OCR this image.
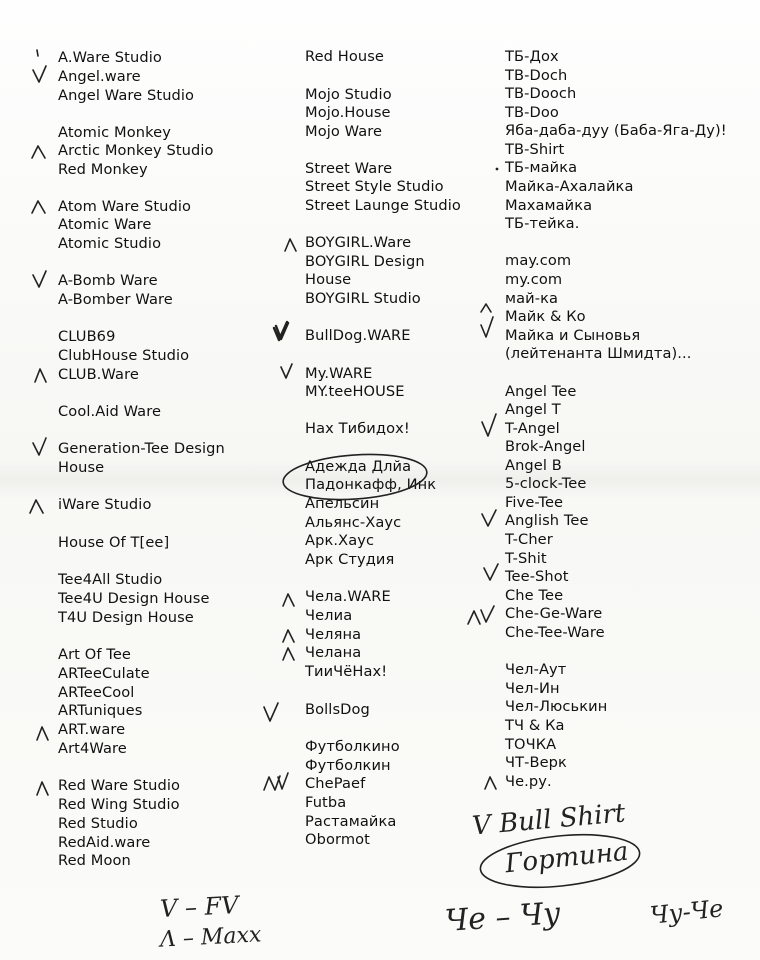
A.Ware Studio
Angel.ware
Angel Ware Studio
Atomic Monkey
Arctic Monkey Studio
Red Monkey
Atom Ware Studio
Atomic Ware
Atomic Studio
A-Bomb Ware
A-Bomber Ware
CLUB69
ClubHouse Studio
CLUB.Ware
Cool.Aid Ware
Generation-Tee Design
House
iWare Studio
House Of T[ee]
Tee4All Studio
Tee4U Design House
T4U Design House
Art Of Tee
ARTeeCulate
ARTeeCool
ARTuniques
ART.ware
Art4Ware
Red Ware Studio
Red Wing Studio
Red Studio
RedAid.ware
Red Moon
Red House
Mojo Studio
Mojo.House
Mojo Ware
Street Ware
Street Style Studio
Street Launge Studio
BOYGIRL.Ware
BOYGIRL Design
House
BOYGIRL Studio
BullDog.WARE
My.WARE
MY.teeHOUSE
Нах Тибидох!
Адежда Длйа
Падонкафф, Инк
Апельсин
Альянс-Хаус
Арк.Хаус
Арк Студия
Чела.WARE
Челиа
Челяна
Челана
ТииЧёНах!
BollsDog
Футболкино
Футболкин
ChePaef
Futba
Растамайка
Obormot
ТБ-Дох
TB-Doch
TB-Dooch
TB-Doo
Яба-даба-дуу (Баба-Яга-Ду)!
TB-Shirt
ТБ-майка
Майка-Ахалайка
Махамайка
ТБ-тейка.
may.com
my.com
май-ка
Майк & Ко
Майка и Сыновья
(лейтенанта Шмидта)...
Angel Tee
Angel T
T-Angel
Brok-Angel
Angel B
5-clock-Tee
Five-Tee
Anglish Tee
T-Cher
T-Shit
Tee-Shot
Che Tee
Che-Ge-Ware
Che-Tee-Ware
Чел-Аут
Чел-Ин
Чел-Люськин
ТЧ & Ка
ТОЧКА
ЧТ-Верк
Че.ру.
V Bull Shirt
Гортина
V – FV
Λ – Maxx	Че – Чу	Чу-Че
